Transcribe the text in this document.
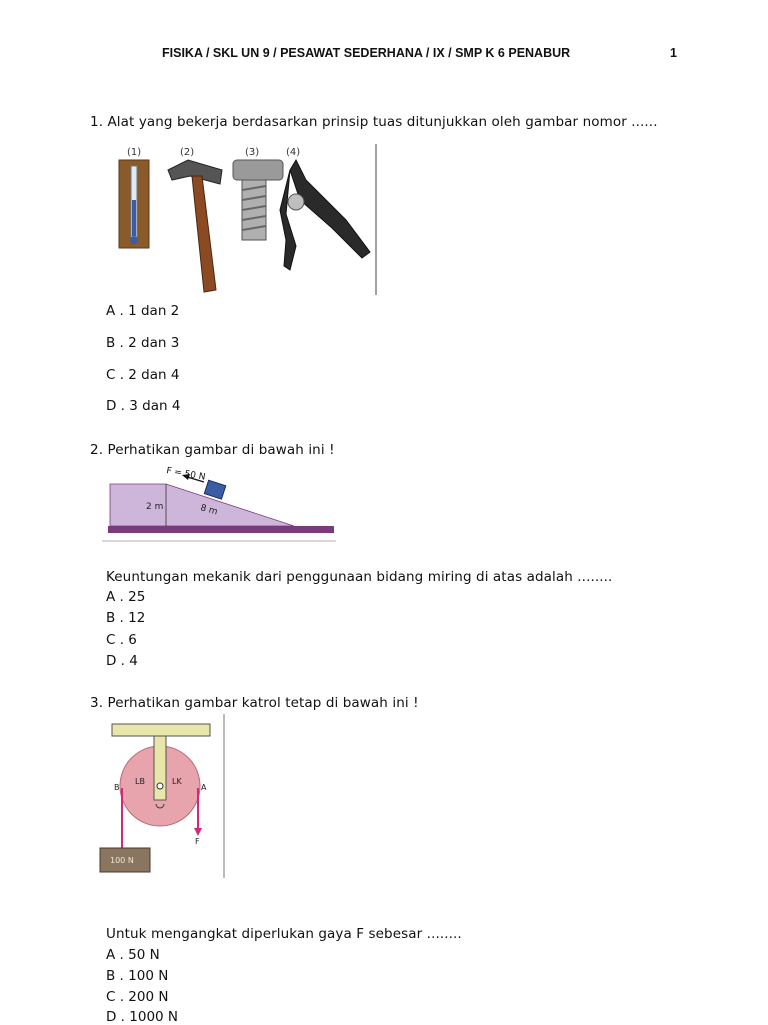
FISIKA / SKL UN 9 / PESAWAT SEDERHANA / IX / SMP K 6 PENABUR	1
1. Alat yang bekerja berdasarkan prinsip tuas ditunjukkan oleh gambar nomor ......
(1)	(2)	(3)	(4)
A . 1 dan 2
B . 2 dan 3
C . 2 dan 4
D . 3 dan 4
2. Perhatikan gambar di bawah ini !
F = 50 N
2 m	8 m
Keuntungan mekanik dari penggunaan bidang miring di atas adalah ........
A . 25
B . 12
C . 6
D . 4
3. Perhatikan gambar katrol tetap di bawah ini !
LB	LK
B	A
F
100 N
Untuk mengangkat diperlukan gaya F sebesar ........
A . 50 N
B . 100 N
C . 200 N
D . 1000 N
